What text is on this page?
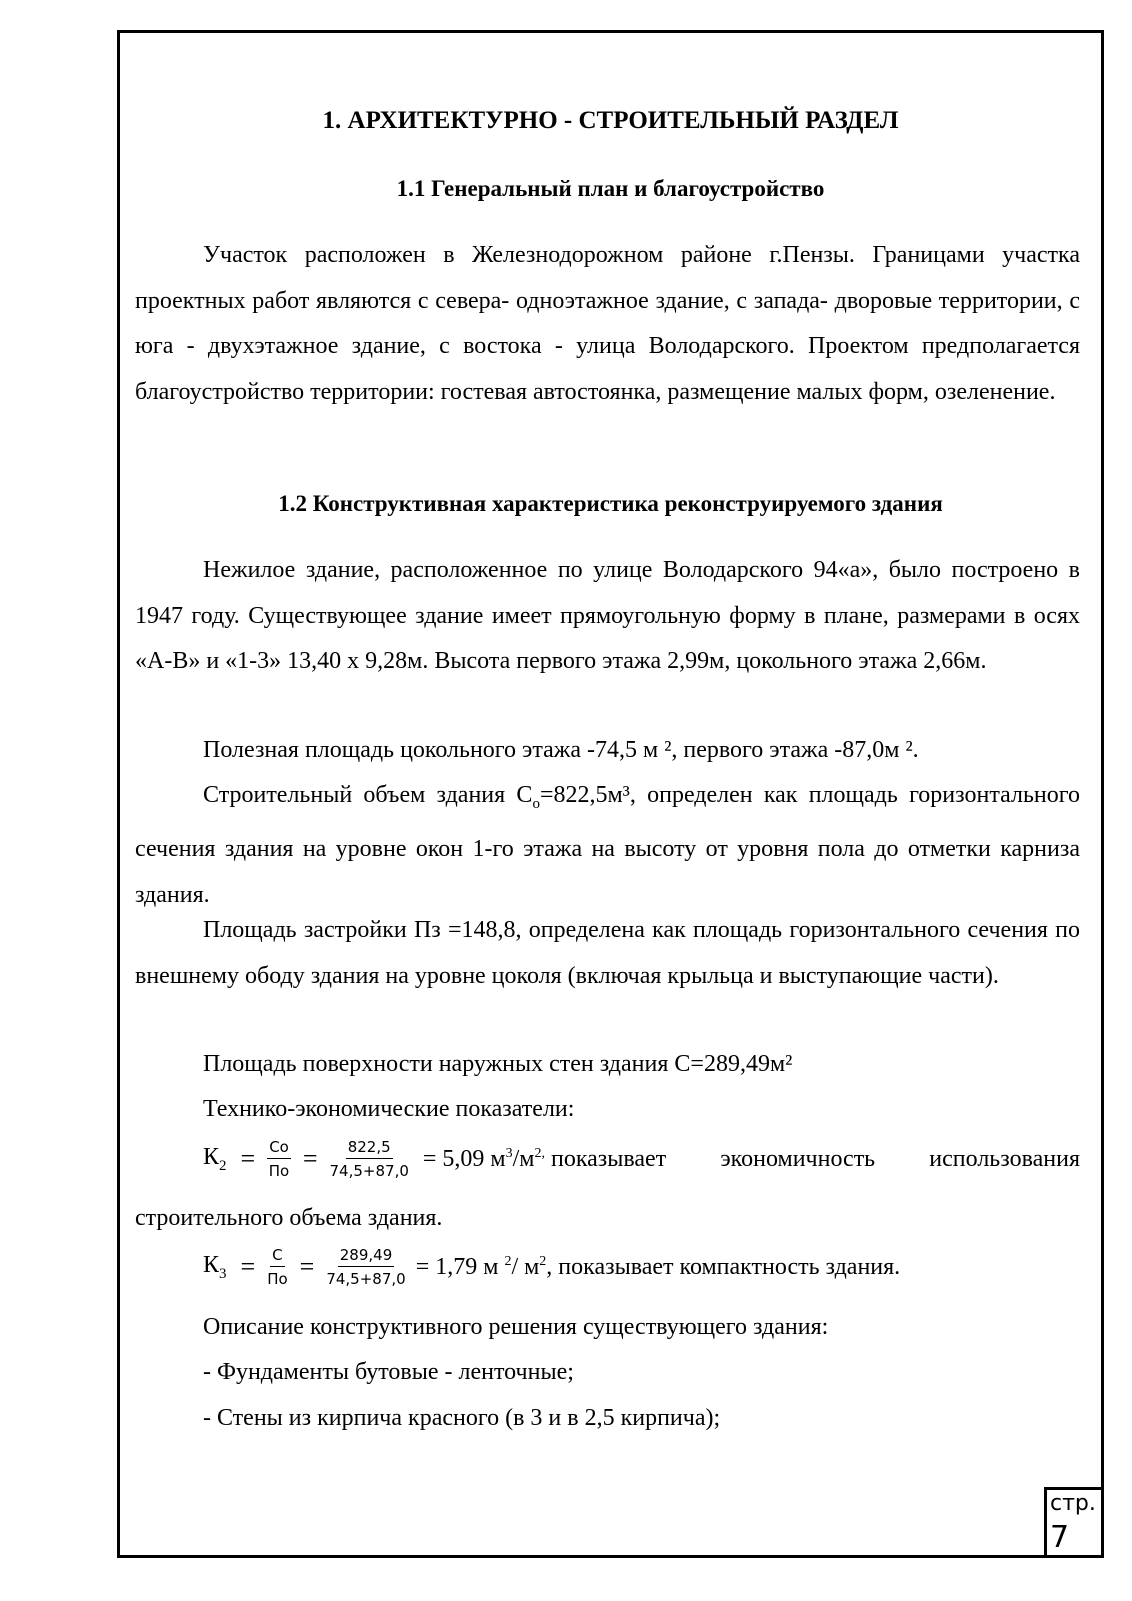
1. АРХИТЕКТУРНО - СТРОИТЕЛЬНЫЙ РАЗДЕЛ
1.1 Генеральный план и благоустройство
Участок расположен в Железнодорожном районе г.Пензы. Границами участка проектных работ являются с севера- одноэтажное здание, с запада- дворовые территории, с юга - двухэтажное здание, с востока - улица Володарского. Проектом предполагается благоустройство территории: гостевая автостоянка, размещение малых форм, озеленение.
1.2 Конструктивная характеристика реконструируемого здания
Нежилое здание, расположенное по улице Володарского 94«а», было построено в 1947 году. Существующее здание имеет прямоугольную форму в плане, размерами в осях «А-В» и «1-3» 13,40 х 9,28м. Высота первого этажа 2,99м, цокольного этажа 2,66м.
Полезная площадь цокольного этажа -74,5 м ², первого этажа -87,0м ².
Строительный объем здания $С_о=822,5м^3$, определен как площадь горизонтального сечения здания на уровне окон 1-го этажа на высоту от уровня пола до отметки карниза здания.
Площадь застройки Пз =148,8, определена как площадь горизонтального сечения по внешнему ободу здания на уровне цоколя (включая крыльца и выступающие части).
Площадь поверхности наружных стен здания С=289,49м²
Технико-экономические показатели:
$К_2 = \frac{Со}{По} = \frac{822,5}{74,5+87,0} = 5,09$ $м^3/м^{2,}$ показывает экономичность использования
строительного объема здания.
$К_3 = \frac{С}{По} = \frac{289,49}{74,5+87,0} = 1,79$ м $^2$/ $м^2$, показывает компактность здания.
Описание конструктивного решения существующего здания:
- Фундаменты бутовые - ленточные;
- Стены из кирпича красного (в 3 и в 2,5 кирпича);
стр.
7
